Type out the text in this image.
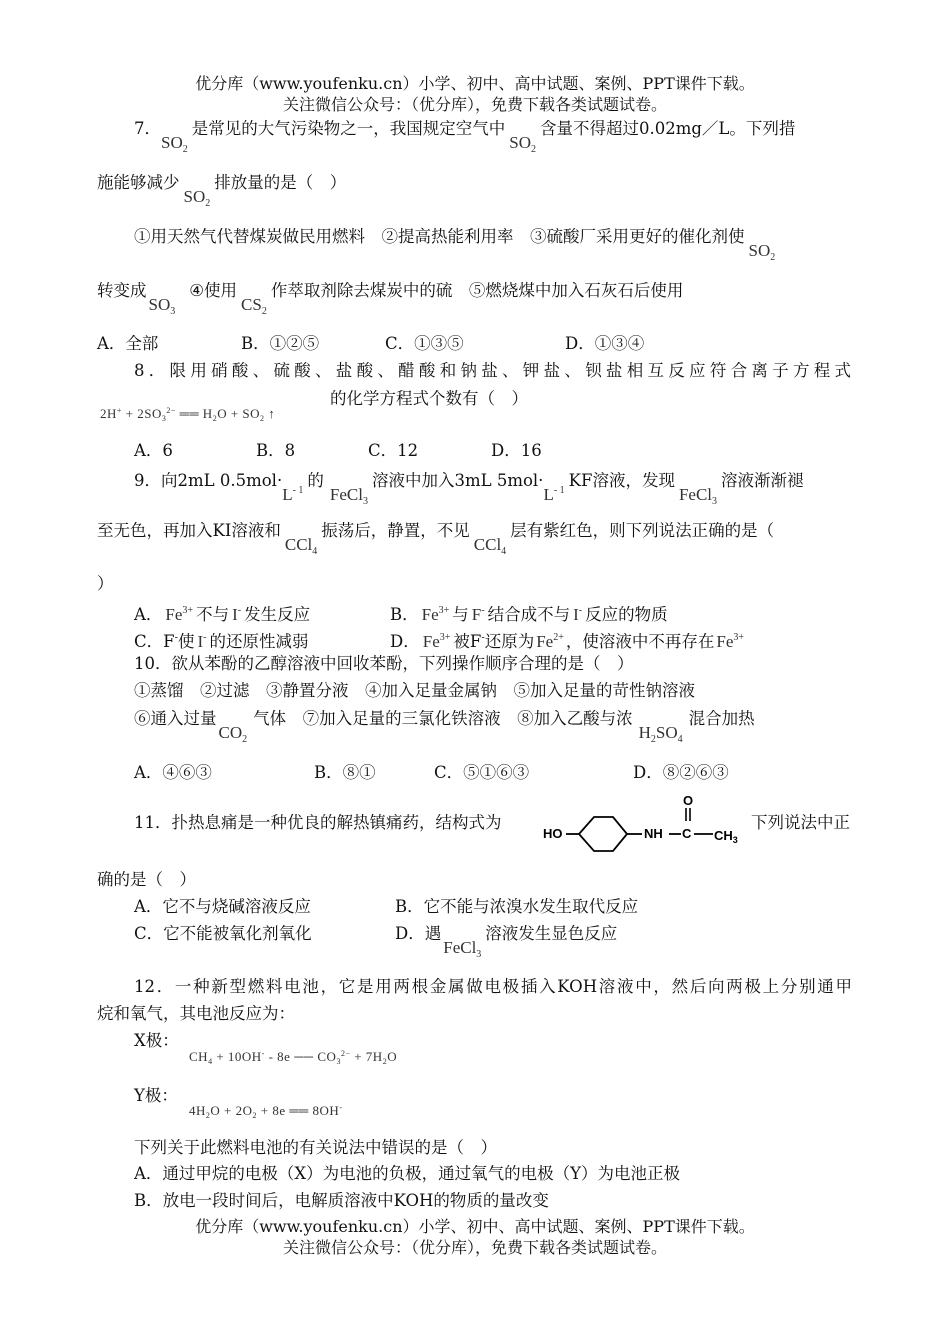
优分库（www.youfenku.cn）小学、初中、高中试题、案例、PPT课件下载。
关注微信公众号：（优分库），免费下载各类试题试卷。
7．$SO_2$是常见的大气污染物之一，我国规定空气中$SO_2$含量不得超过0.02mg／L。下列措
施能够减少$SO_2$排放量的是（　）
①用天然气代替煤炭做民用燃料　②提高热能利用率　③硫酸厂采用更好的催化剂使$SO_2$
转变成$SO_3④$使用$CS_2$作萃取剂除去煤炭中的硫　⑤燃烧煤中加入石灰石后使用
A．全部	B．①②⑤	C．①③⑤	D．①③④
8．限用硝酸、硫酸、盐酸、醋酸和钠盐、钾盐、钡盐相互反应符合离子方程式
的化学方程式个数有（　）
$2H^+ + 2SO_3^{2-}$ ══ $H_2O + SO_2$ ↑
A．6	B．8	C．12	D．16
9．向2mL $0.5mol\cdot L^{- 1}$的FeCl$_3$溶液中加入3mL $5mol\cdot L^{- 1}KF$溶液，发现FeCl$_3$溶液渐渐褪
至无色，再加入KI溶液和CCl$_4$振荡后，静置，不见CCl$_4$层有紫红色，则下列说法正确的是（
）
A． $Fe^{3+}$ 不与 I- 发生反应	B． $Fe^{3+}$ 与 F- 结合成不与 I- 反应的物质
C．F-使 I- 的还原性减弱	D． $Fe^{3+}$ 被F-还原为 $Fe^{2+}$ ，使溶液中不再存在 $Fe^{3+}$
10．欲从苯酚的乙醇溶液中回收苯酚，下列操作顺序合理的是（　）
①蒸馏　②过滤　③静置分液　④加入足量金属钠　⑤加入足量的苛性钠溶液
⑥通入过量$CO_2$气体　⑦加入足量的三氯化铁溶液　⑧加入乙酸与浓$H_2SO_4$混合加热
A．④⑥③	B．⑧①	C．⑤①⑥③	D．⑧②⑥③
11．扑热息痛是一种优良的解热镇痛药，结构式为
HO	NH C
O
$CH_3$
下列说法中正
确的是（　）
A．它不与烧碱溶液反应	B．它不能与浓溴水发生取代反应
C．它不能被氧化剂氧化	D．遇FeCl$_3$溶液发生显色反应
12．一种新型燃料电池，它是用两根金属做电极插入KOH溶液中，然后向两极上分别通甲
烷和氧气，其电池反应为：
X极：
$CH_4 + 10OH^- - 8e$ ── $CO_3^{2-} + 7H_2O$
Y极：
$4H_2O + 2O_2 + 8e$ ══ 8OH-
下列关于此燃料电池的有关说法中错误的是（　）
A．通过甲烷的电极（X）为电池的负极，通过氧气的电极（Y）为电池正极
B．放电一段时间后，电解质溶液中KOH的物质的量改变
优分库（www.youfenku.cn）小学、初中、高中试题、案例、PPT课件下载。
关注微信公众号：（优分库），免费下载各类试题试卷。
